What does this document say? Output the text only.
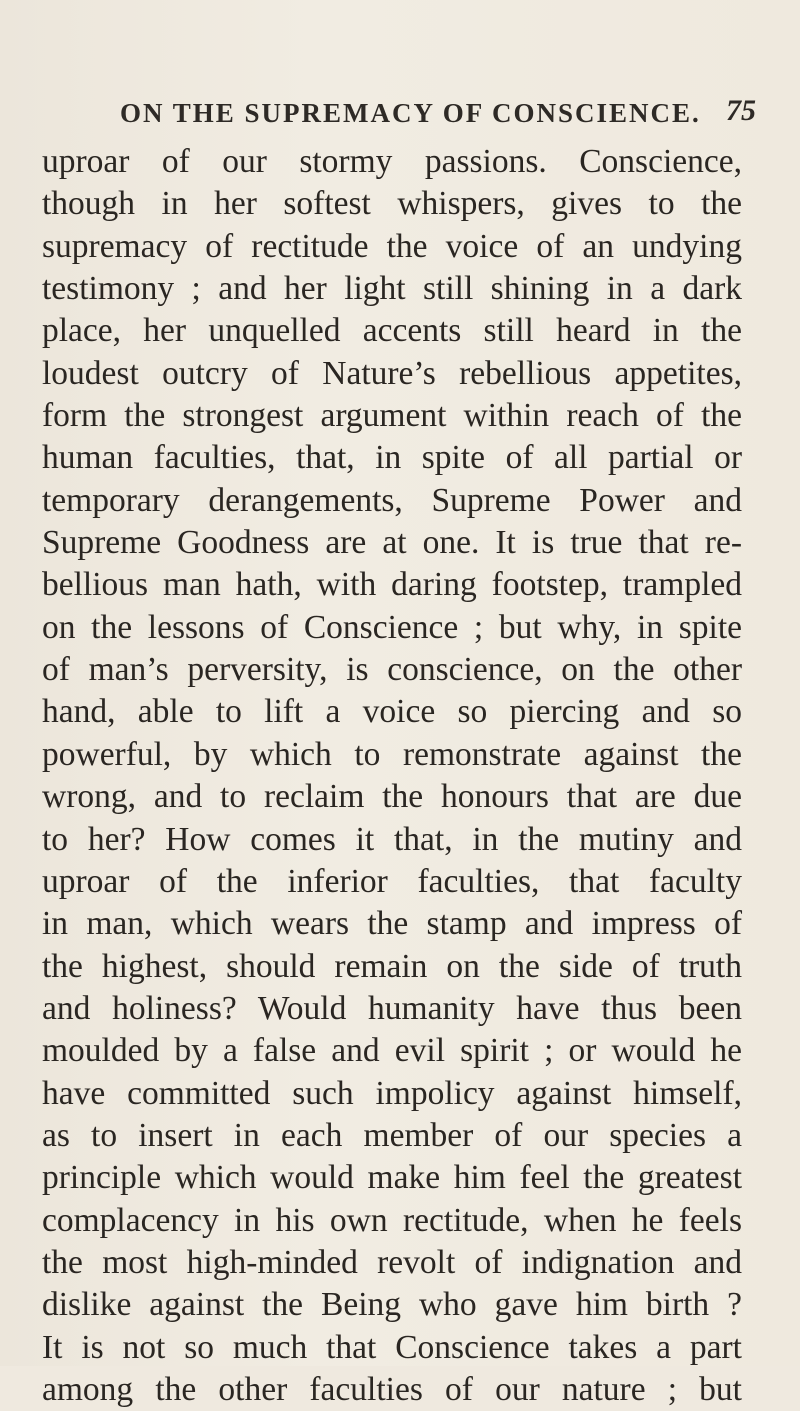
ON THE SUPREMACY OF CONSCIENCE. 75
uproar of our stormy passions. Conscience,
though in her softest whispers, gives to the
supremacy of rectitude the voice of an undying
testimony ; and her light still shining in a dark
place, her unquelled accents still heard in the
loudest outcry of Nature’s rebellious appetites,
form the strongest argument within reach of the
human faculties, that, in spite of all partial or
temporary derangements, Supreme Power and
Supreme Goodness are at one. It is true that re-
bellious man hath, with daring footstep, trampled
on the lessons of Conscience ; but why, in spite
of man’s perversity, is conscience, on the other
hand, able to lift a voice so piercing and so
powerful, by which to remonstrate against the
wrong, and to reclaim the honours that are due
to her? How comes it that, in the mutiny and
uproar of the inferior faculties, that faculty
in man, which wears the stamp and impress of
the highest, should remain on the side of truth
and holiness? Would humanity have thus been
moulded by a false and evil spirit ; or would he
have committed such impolicy against himself,
as to insert in each member of our species a
principle which would make him feel the greatest
complacency in his own rectitude, when he feels
the most high-minded revolt of indignation and
dislike against the Being who gave him birth ?
It is not so much that Conscience takes a part
among the other faculties of our nature ; but
